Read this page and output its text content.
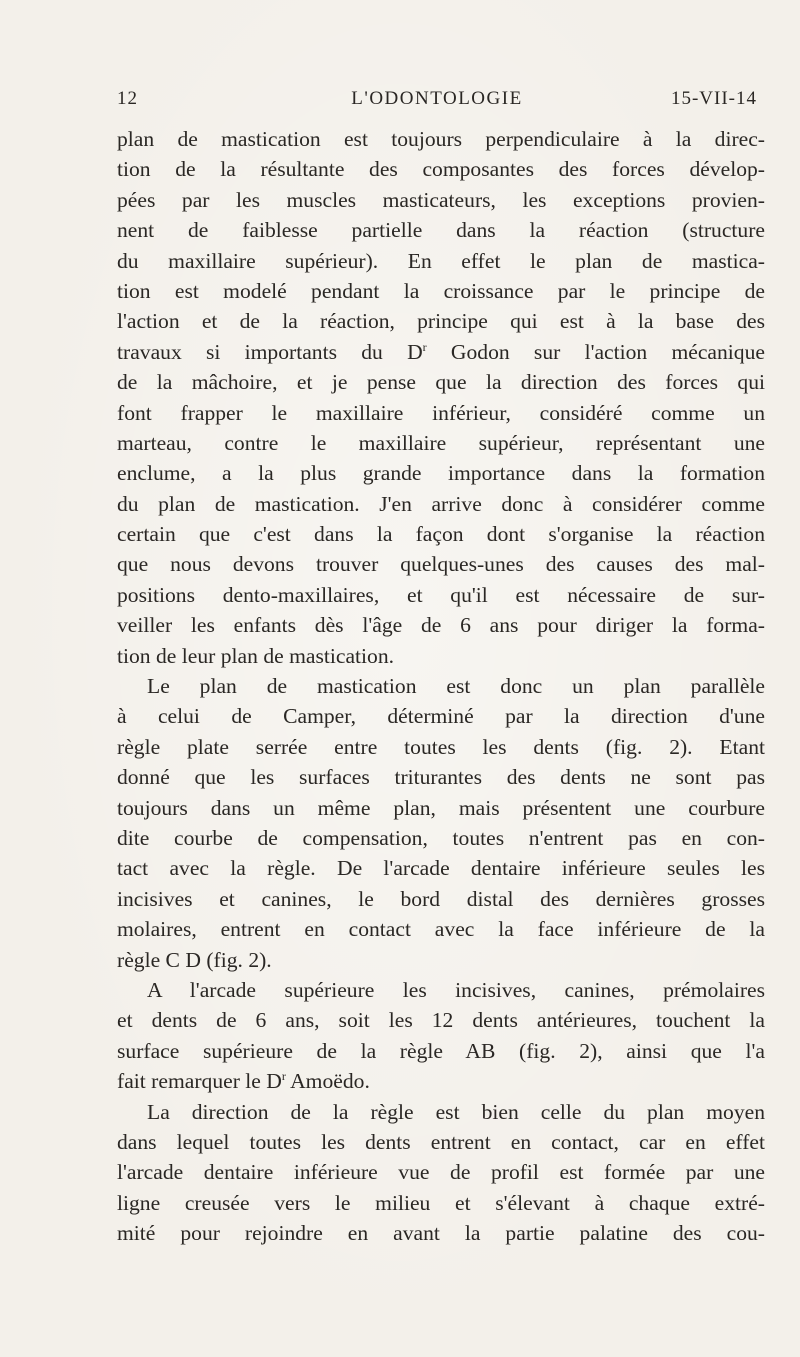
12	L'ODONTOLOGIE	15-VII-14
plan de mastication est toujours perpendiculaire à la direc-
tion de la résultante des composantes des forces dévelop-
pées par les muscles masticateurs, les exceptions provien-
nent de faiblesse partielle dans la réaction (structure
du maxillaire supérieur). En effet le plan de mastica-
tion est modelé pendant la croissance par le principe de
l'action et de la réaction, principe qui est à la base des
travaux si importants du $D^r$ Godon sur l'action mécanique
de la mâchoire, et je pense que la direction des forces qui
font frapper le maxillaire inférieur, considéré comme un
marteau, contre le maxillaire supérieur, représentant une
enclume, a la plus grande importance dans la formation
du plan de mastication. J'en arrive donc à considérer comme
certain que c'est dans la façon dont s'organise la réaction
que nous devons trouver quelques-unes des causes des mal-
positions dento-maxillaires, et qu'il est nécessaire de sur-
veiller les enfants dès l'âge de 6 ans pour diriger la forma-
tion de leur plan de mastication.
Le plan de mastication est donc un plan parallèle
à celui de Camper, déterminé par la direction d'une
règle plate serrée entre toutes les dents (fig. 2). Etant
donné que les surfaces triturantes des dents ne sont pas
toujours dans un même plan, mais présentent une courbure
dite courbe de compensation, toutes n'entrent pas en con-
tact avec la règle. De l'arcade dentaire inférieure seules les
incisives et canines, le bord distal des dernières grosses
molaires, entrent en contact avec la face inférieure de la
règle C D (fig. 2).
A l'arcade supérieure les incisives, canines, prémolaires
et dents de 6 ans, soit les 12 dents antérieures, touchent la
surface supérieure de la règle AB (fig. 2), ainsi que l'a
fait remarquer le $D^r$ Amoëdo.
La direction de la règle est bien celle du plan moyen
dans lequel toutes les dents entrent en contact, car en effet
l'arcade dentaire inférieure vue de profil est formée par une
ligne creusée vers le milieu et s'élevant à chaque extré-
mité pour rejoindre en avant la partie palatine des cou-
